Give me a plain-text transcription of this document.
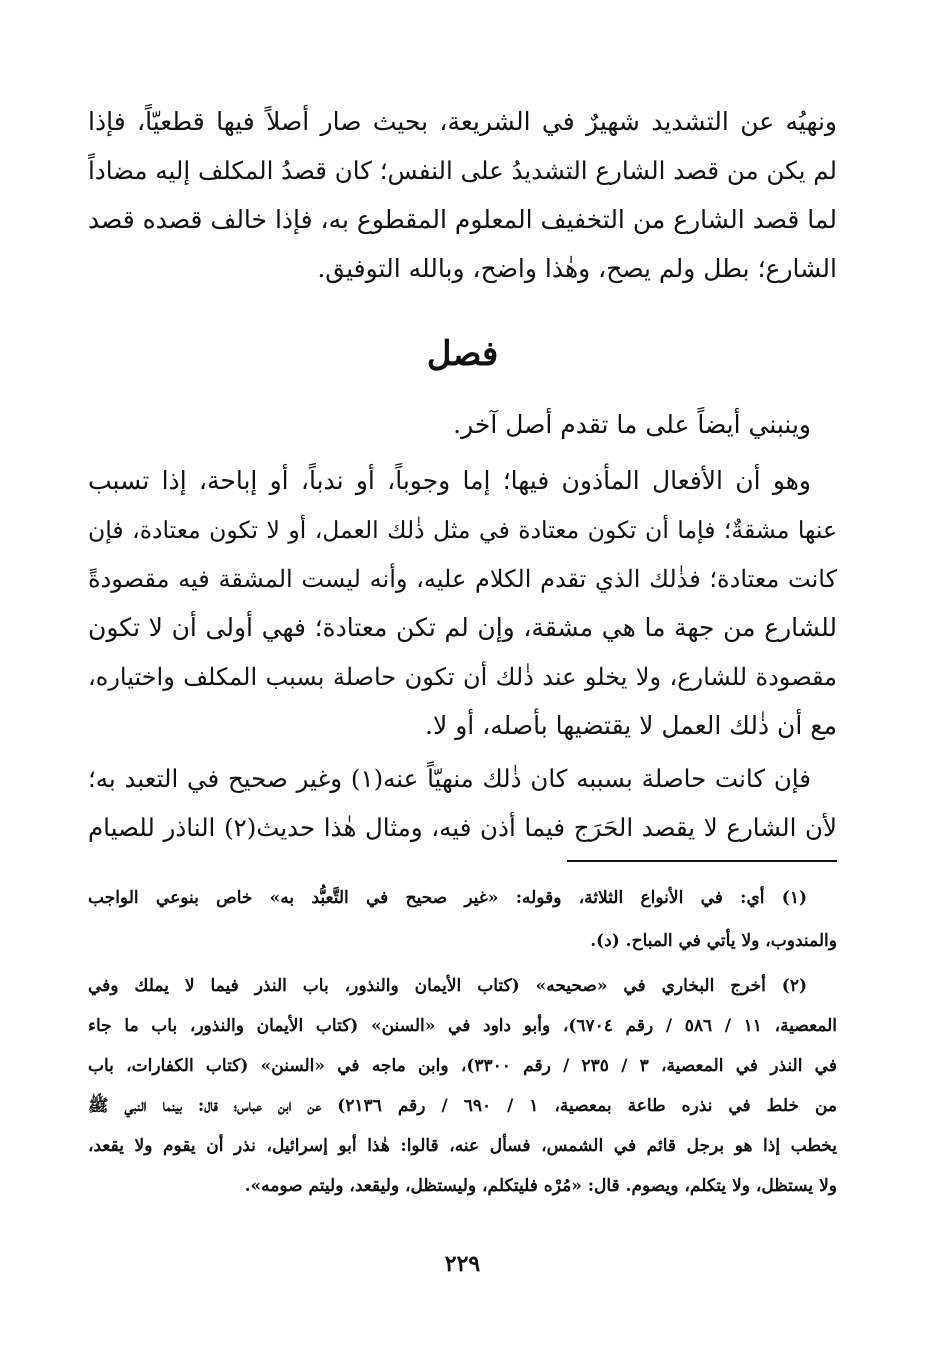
ونهيُه عن التشديد شهيرٌ في الشريعة، بحيث صار أصلاً فيها قطعيّاً، فإذا
لم يكن من قصد الشارع التشديدُ على النفس؛ كان قصدُ المكلف إليه مضاداً
لما قصد الشارع من التخفيف المعلوم المقطوع به، فإذا خالف قصده قصد
الشارع؛ بطل ولم يصح، وهٰذا واضح، وبالله التوفيق.
فصل
وينبني أيضاً على ما تقدم أصل آخر.
وهو أن الأفعال المأذون فيها؛ إما وجوباً، أو ندباً، أو إباحة، إذا تسبب
عنها مشقةٌ؛ فإما أن تكون معتادة في مثل ذٰلك العمل، أو لا تكون معتادة، فإن
كانت معتادة؛ فذٰلك الذي تقدم الكلام عليه، وأنه ليست المشقة فيه مقصودةً
للشارع من جهة ما هي مشقة، وإن لم تكن معتادة؛ فهي أولى أن لا تكون
مقصودة للشارع، ولا يخلو عند ذٰلك أن تكون حاصلة بسبب المكلف واختياره،
مع أن ذٰلك العمل لا يقتضيها بأصله، أو لا.
فإن كانت حاصلة بسببه كان ذٰلك منهيّاً عنه(١) وغير صحيح في التعبد به؛
لأن الشارع لا يقصد الحَرَج فيما أذن فيه، ومثال هٰذا حديث(٢) الناذر للصيام
(١) أي: في الأنواع الثلاثة، وقوله: «غير صحيح في التَّعبُّد به» خاص بنوعي الواجب
والمندوب، ولا يأتي في المباح. (د).
(٢) أخرج البخاري في «صحيحه» (كتاب الأيمان والنذور، باب النذر فيما لا يملك وفي
المعصية، ١١ / ٥٨٦ / رقم ٦٧٠٤)، وأبو داود في «السنن» (كتاب الأيمان والنذور، باب ما جاء
في النذر في المعصية، ٣ / ٢٣٥ / رقم ٣٣٠٠)، وابن ماجه في «السنن» (كتاب الكفارات، باب
من خلط في نذره طاعة بمعصية، ١ / ٦٩٠ / رقم ٢١٣٦) عن ابن عباس؛ قال: بينما النبي ﷺ
يخطب إذا هو برجل قائم في الشمس، فسأل عنه، قالوا: هٰذا أبو إسرائيل، نذر أن يقوم ولا يقعد،
ولا يستظل، ولا يتكلم، ويصوم. قال: «مُرْه فليتكلم، وليستظل، وليقعد، وليتم صومه».
٢٢٩
